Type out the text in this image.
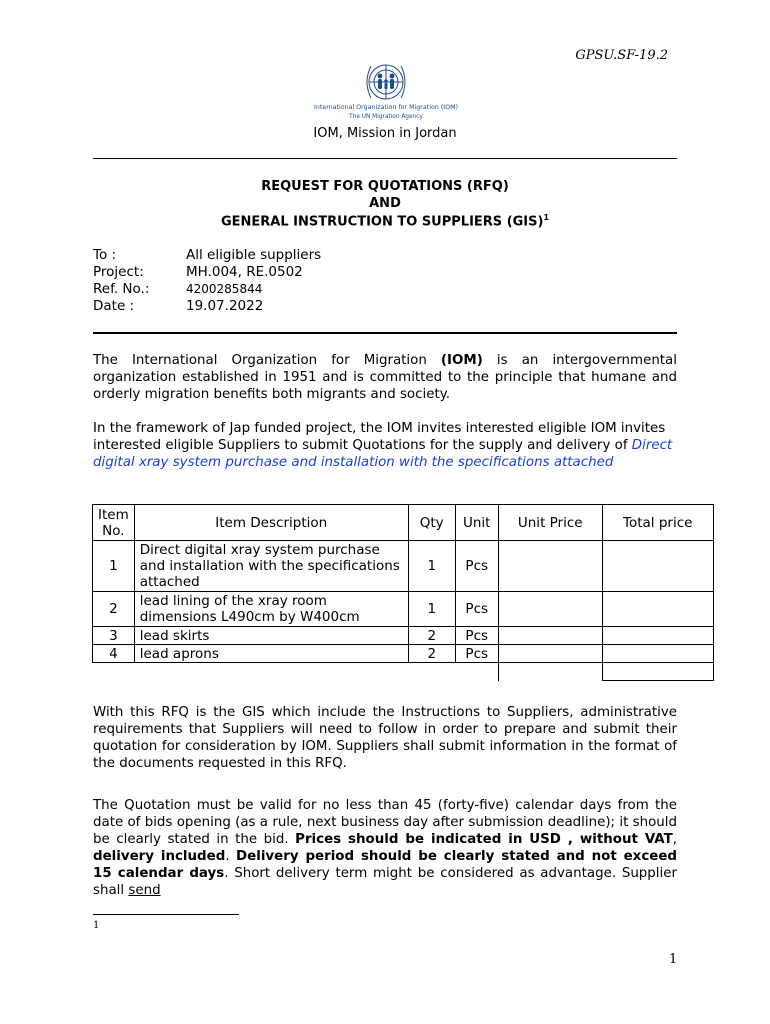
GPSU.SF-19.2
International Organization for Migration (IOM)
The UN Migration Agency
IOM, Mission in Jordan
REQUEST FOR QUOTATIONS (RFQ)
AND
GENERAL INSTRUCTION TO SUPPLIERS (GIS)$^1$
To :	All eligible suppliers
Project:	MH.004, RE.0502
Ref. No.:	4200285844
Date :	19.07.2022
The International Organization for Migration (IOM) is an intergovernmental organization established in 1951 and is committed to the principle that humane and orderly migration benefits both migrants and society.
In the framework of Jap funded project, the IOM invites interested eligible IOM invites interested eligible Suppliers to submit Quotations for the supply and delivery of Direct digital xray system purchase and installation with the specifications attached
Item No.	Item Description	Qty	Unit	Unit Price	Total price
1	Direct digital xray system purchase and installation with the specifications attached	1	Pcs		
2	lead lining of the xray room dimensions L490cm by W400cm	1	Pcs		
3	lead skirts	2	Pcs		
4	lead aprons	2	Pcs		

With this RFQ is the GIS which include the Instructions to Suppliers, administrative requirements that Suppliers will need to follow in order to prepare and submit their quotation for consideration by IOM. Suppliers shall submit information in the format of the documents requested in this RFQ.
The Quotation must be valid for no less than 45 (forty-five) calendar days from the date of bids opening (as a rule, next business day after submission deadline); it should be clearly stated in the bid. Prices should be indicated in USD , without VAT, delivery included. Delivery period should be clearly stated and not exceed 15 calendar days. Short delivery term might be considered as advantage. Supplier shall send
1
1
